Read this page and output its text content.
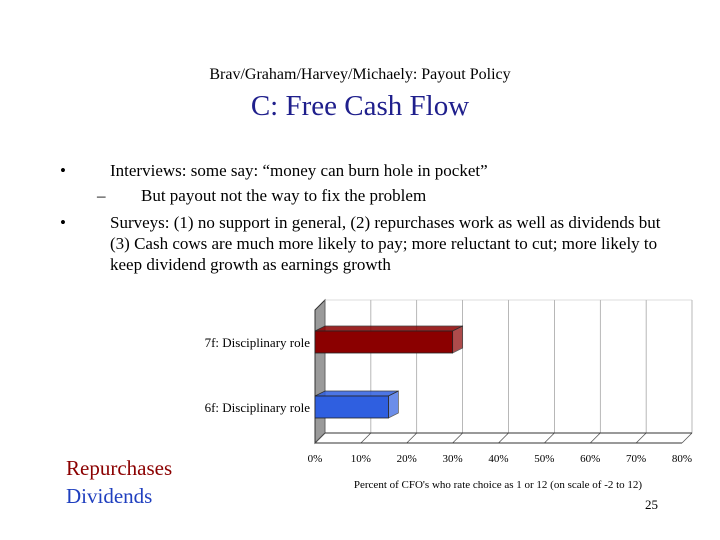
Brav/Graham/Harvey/Michaely: Payout Policy
C: Free Cash Flow
•	Interviews: some say: “money can burn hole in pocket”
– But payout not the way to fix the problem
•	Surveys: (1) no support in general, (2) repurchases work as well as dividends but
(3) Cash cows are much more likely to pay; more reluctant to cut; more likely to
keep dividend growth as earnings growth
0%	10% 20% 30% 40% 50% 60% 70% 80%
Percent of CFO's who rate choice as 1 or 12 (on scale of -2 to 12)
7f: Disciplinary role
6f: Disciplinary role
Repurchases
Dividends	25
